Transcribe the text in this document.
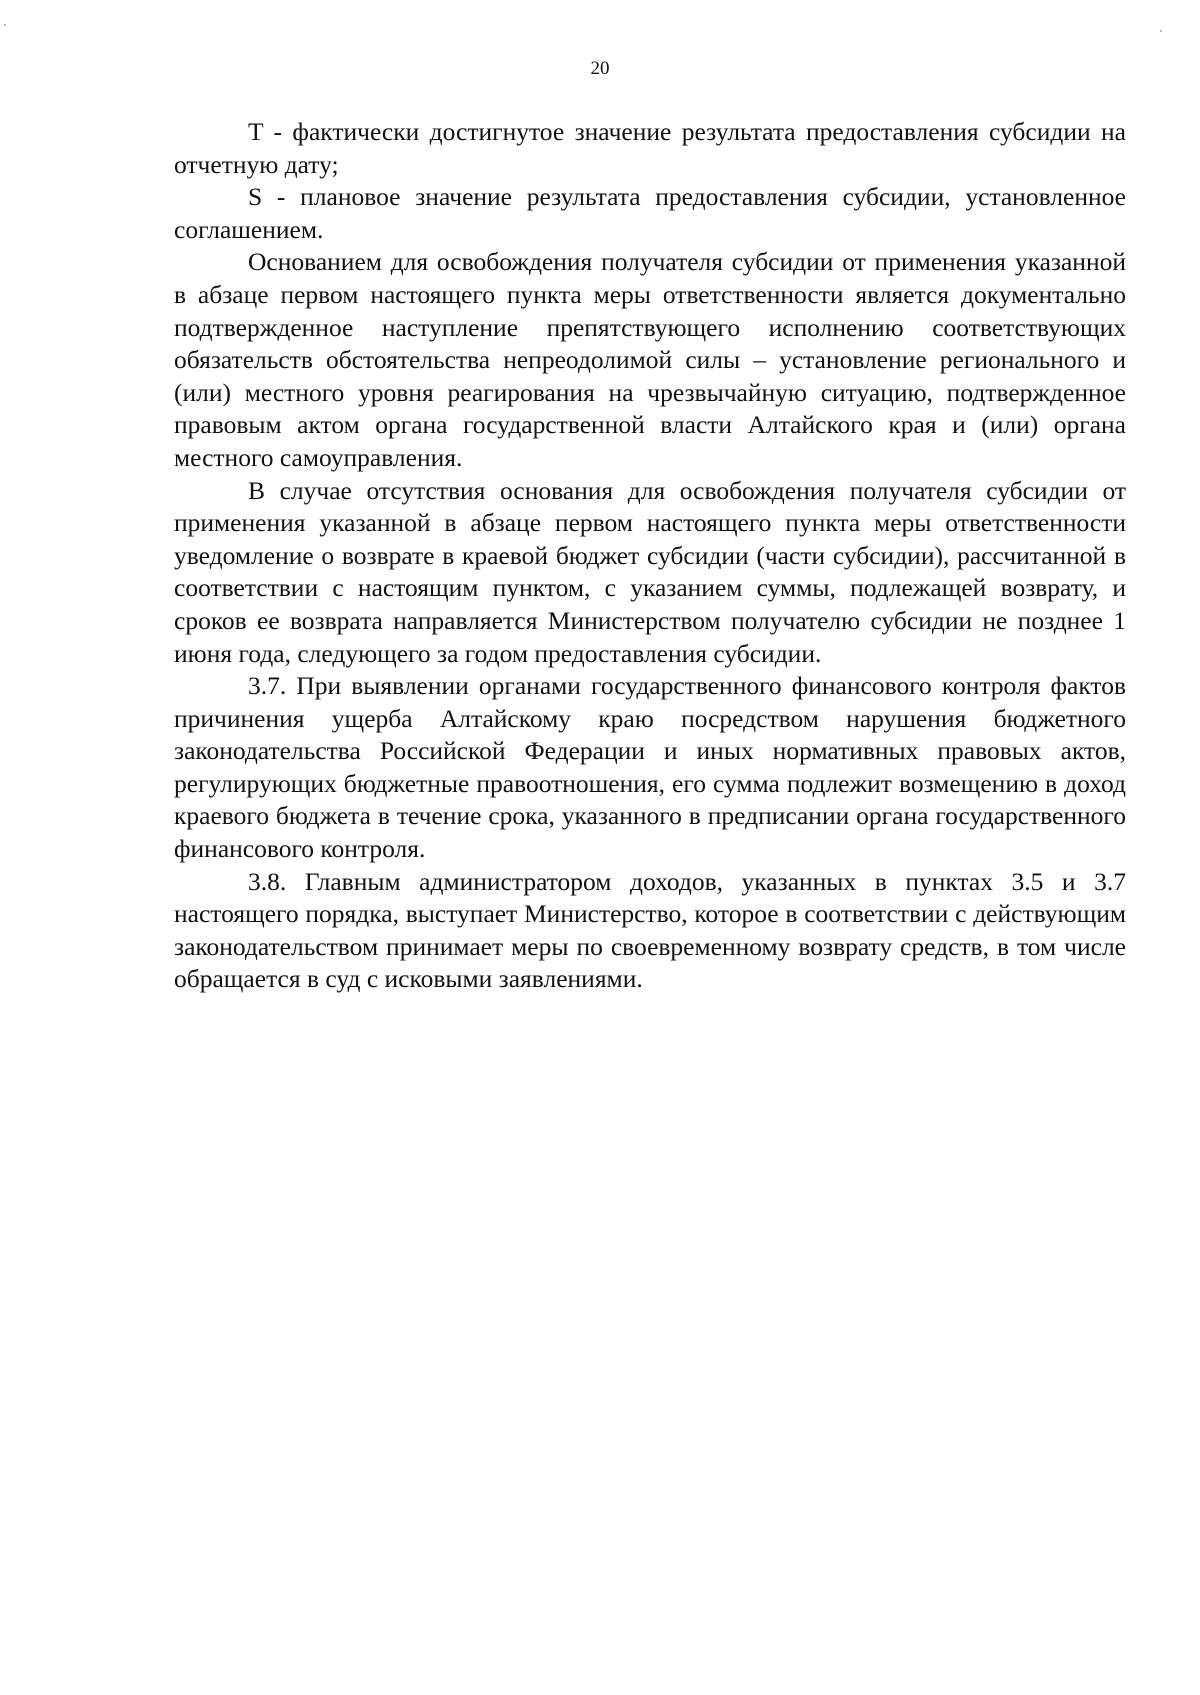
20

T - фактически достигнутое значение результата предоставления субсидии на отчетную дату;

S - плановое значение результата предоставления субсидии, установленное соглашением.

Основанием для освобождения получателя субсидии от применения указанной в абзаце первом настоящего пункта меры ответственности является документально подтвержденное наступление препятствующего исполнению соответствующих обязательств обстоятельства непреодолимой силы – установление регионального и (или) местного уровня реагирования на чрезвычайную ситуацию, подтвержденное правовым актом органа государственной власти Алтайского края и (или) органа местного самоуправления.

В случае отсутствия основания для освобождения получателя субсидии от применения указанной в абзаце первом настоящего пункта меры ответственности уведомление о возврате в краевой бюджет субсидии (части субсидии), рассчитанной в соответствии с настоящим пунктом, с указанием суммы, подлежащей возврату, и сроков ее возврата направляется Министерством получателю субсидии не позднее 1 июня года, следующего за годом предоставления субсидии.

3.7. При выявлении органами государственного финансового контроля фактов причинения ущерба Алтайскому краю посредством нарушения бюджетного законодательства Российской Федерации и иных нормативных правовых актов, регулирующих бюджетные правоотношения, его сумма подлежит возмещению в доход краевого бюджета в течение срока, указанного в предписании органа государственного финансового контроля.

3.8. Главным администратором доходов, указанных в пунктах 3.5 и 3.7 настоящего порядка, выступает Министерство, которое в соответствии с действующим законодательством принимает меры по своевременному возврату средств, в том числе обращается в суд с исковыми заявлениями.
